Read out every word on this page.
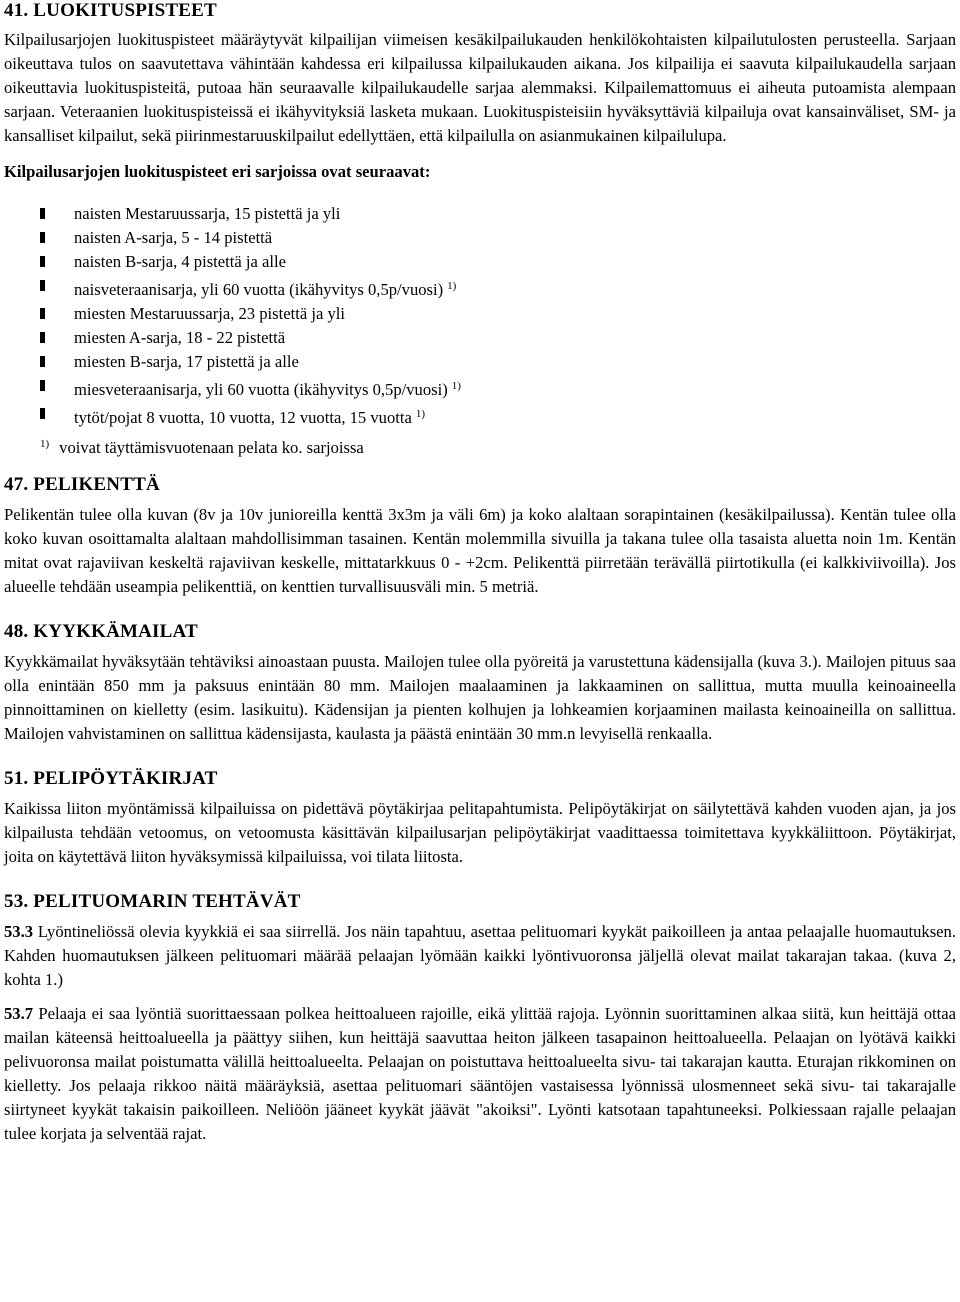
41. LUOKITUSPISTEET

Kilpailusarjojen luokituspisteet määräytyvät kilpailijan viimeisen kesäkilpailukauden henkilökohtaisten kilpailutulosten perusteella. Sarjaan oikeuttava tulos on saavutettava vähintään kahdessa eri kilpailussa kilpailukauden aikana. Jos kilpailija ei saavuta kilpailukaudella sarjaan oikeuttavia luokituspisteitä, putoaa hän seuraavalle kilpailukaudelle sarjaa alemmaksi. Kilpailemattomuus ei aiheuta putoamista alempaan sarjaan. Veteraanien luokituspisteissä ei ikähyvityksiä lasketa mukaan. Luokituspisteisiin hyväksyttäviä kilpailuja ovat kansainväliset, SM- ja kansalliset kilpailut, sekä piirinmestaruuskilpailut edellyttäen, että kilpailulla on asianmukainen kilpailulupa.

Kilpailusarjojen luokituspisteet eri sarjoissa ovat seuraavat:
naisten Mestaruussarja, 15 pistettä ja yli
naisten A-sarja, 5 - 14 pistettä
naisten B-sarja, 4 pistettä ja alle
naisveteraanisarja, yli 60 vuotta (ikähyvitys 0,5p/vuosi) $^{1)}$
miesten Mestaruussarja, 23 pistettä ja yli
miesten A-sarja, 18 - 22 pistettä
miesten B-sarja, 17 pistettä ja alle
miesveteraanisarja, yli 60 vuotta (ikähyvitys 0,5p/vuosi) $^{1)}$
tytöt/pojat 8 vuotta, 10 vuotta, 12 vuotta, 15 vuotta $^{1)}$

$^{1)}$ voivat täyttämisvuotenaan pelata ko. sarjoissa

47. PELIKENTTÄ

Pelikentän tulee olla kuvan (8v ja 10v junioreilla kenttä 3x3m ja väli 6m) ja koko alaltaan sorapintainen (kesäkilpailussa). Kentän tulee olla koko kuvan osoittamalta alaltaan mahdollisimman tasainen. Kentän molemmilla sivuilla ja takana tulee olla tasaista aluetta noin 1m. Kentän mitat ovat rajaviivan keskeltä rajaviivan keskelle, mittatarkkuus 0 - +2cm. Pelikenttä piirretään terävällä piirtotikulla (ei kalkkiviivoilla). Jos alueelle tehdään useampia pelikenttiä, on kenttien turvallisuusväli min. 5 metriä.

48. KYYKKÄMAILAT

Kyykkämailat hyväksytään tehtäviksi ainoastaan puusta. Mailojen tulee olla pyöreitä ja varustettuna kädensijalla (kuva 3.). Mailojen pituus saa olla enintään 850 mm ja paksuus enintään 80 mm. Mailojen maalaaminen ja lakkaaminen on sallittua, mutta muulla keinoaineella pinnoittaminen on kielletty (esim. lasikuitu). Kädensijan ja pienten kolhujen ja lohkeamien korjaaminen mailasta keinoaineilla on sallittua. Mailojen vahvistaminen on sallittua kädensijasta, kaulasta ja päästä enintään 30 mm.n levyisellä renkaalla.

51. PELIPÖYTÄKIRJAT

Kaikissa liiton myöntämissä kilpailuissa on pidettävä pöytäkirjaa pelitapahtumista. Pelipöytäkirjat on säilytettävä kahden vuoden ajan, ja jos kilpailusta tehdään vetoomus, on vetoomusta käsittävän kilpailusarjan pelipöytäkirjat vaadittaessa toimitettava kyykkäliittoon. Pöytäkirjat, joita on käytettävä liiton hyväksymissä kilpailuissa, voi tilata liitosta.

53. PELITUOMARIN TEHTÄVÄT

53.3 Lyöntineliössä olevia kyykkiä ei saa siirrellä. Jos näin tapahtuu, asettaa pelituomari kyykät paikoilleen ja antaa pelaajalle huomautuksen. Kahden huomautuksen jälkeen pelituomari määrää pelaajan lyömään kaikki lyöntivuoronsa jäljellä olevat mailat takarajan takaa. (kuva 2, kohta 1.)

53.7 Pelaaja ei saa lyöntiä suorittaessaan polkea heittoalueen rajoille, eikä ylittää rajoja. Lyönnin suorittaminen alkaa siitä, kun heittäjä ottaa mailan käteensä heittoalueella ja päättyy siihen, kun heittäjä saavuttaa heiton jälkeen tasapainon heittoalueella. Pelaajan on lyötävä kaikki pelivuoronsa mailat poistumatta välillä heittoalueelta. Pelaajan on poistuttava heittoalueelta sivu- tai takarajan kautta. Eturajan rikkominen on kielletty. Jos pelaaja rikkoo näitä määräyksiä, asettaa pelituomari sääntöjen vastaisessa lyönnissä ulosmenneet sekä sivu- tai takarajalle siirtyneet kyykät takaisin paikoilleen. Neliöön jääneet kyykät jäävät "akoiksi". Lyönti katsotaan tapahtuneeksi. Polkiessaan rajalle pelaajan tulee korjata ja selventää rajat.
